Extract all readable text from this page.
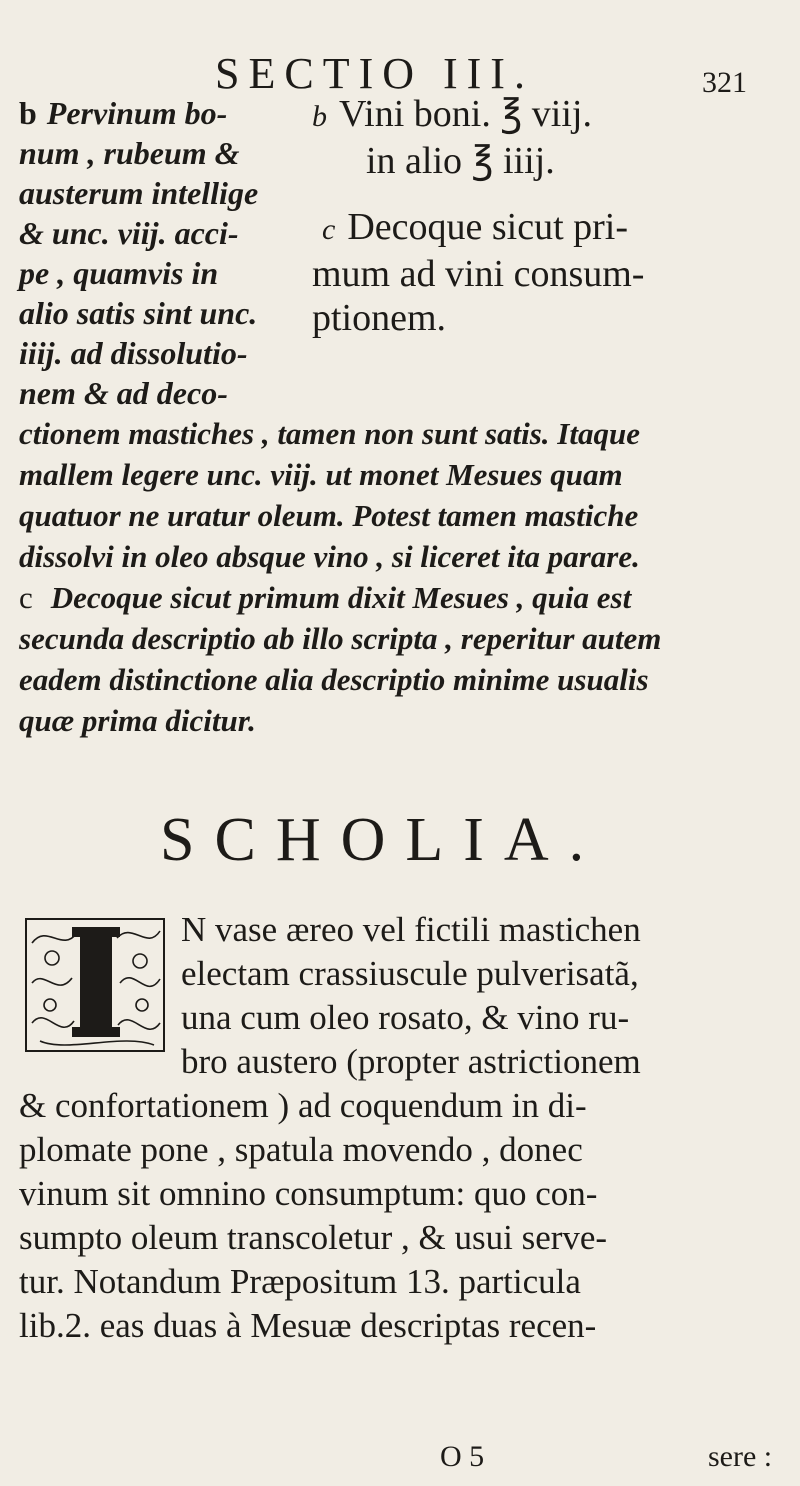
SECTIO III.	321
b Pervinum bo-
num , rubeum &
austerum intellige
& unc. viij. acci-
pe , quamvis in
alio satis sint unc.
iiij. ad dissolutio-
nem & ad deco-
b Vini boni. ℥ viij.
in alio ℥ iiij.
c Decoque sicut pri-
mum ad vini consum-
ptionem.
ctionem mastiches , tamen non sunt satis. Itaque
mallem legere unc. viij. ut monet Mesues quam
quatuor ne uratur oleum. Potest tamen mastiche
dissolvi in oleo absque vino , si liceret ita parare.
c Decoque sicut primum dixit Mesues , quia est
secunda descriptio ab illo scripta , reperitur autem
eadem distinctione alia descriptio minime usualis
quæ prima dicitur.
SCHOLIA.
I
N vase æreo vel fictili mastichen
electam crassiuscule pulverisatã,
una cum oleo rosato, & vino ru-
bro austero (propter astrictionem
& confortationem ) ad coquendum in di-
plomate pone , spatula movendo , donec
vinum sit omnino consumptum: quo con-
sumpto oleum transcoletur , & usui serve-
tur. Notandum Præpositum 13. particula
lib.2. eas duas à Mesuæ descriptas recen-
O 5	sere :
